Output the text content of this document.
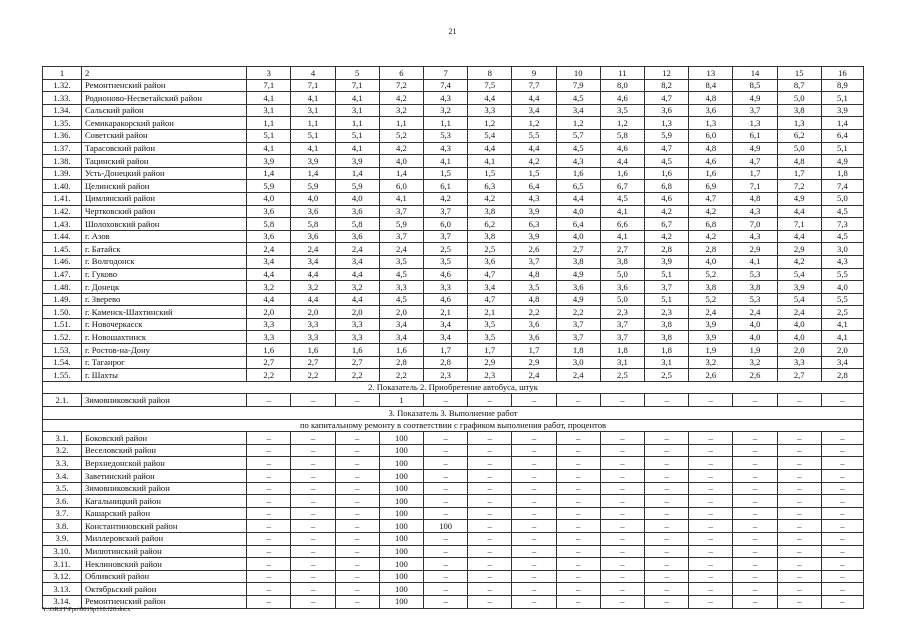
21
1	2	3	4	5	6	7	8	9	10	11	12	13	14	15	16
1.32.	Ремонтненский район	7,1	7,1	7,1	7,2	7,4	7,5	7,7	7,9	8,0	8,2	8,4	8,5	8,7	8,9
1.33.	Родионово-Несветайский район	4,1	4,1	4,1	4,2	4,3	4,4	4,4	4,5	4,6	4,7	4,8	4,9	5,0	5,1
1.34.	Сальский район	3,1	3,1	3,1	3,2	3,2	3,3	3,4	3,4	3,5	3,6	3,6	3,7	3,8	3,9
1.35.	Семикаракорский район	1,1	1,1	1,1	1,1	1,1	1,2	1,2	1,2	1,2	1,3	1,3	1,3	1,3	1,4
1.36.	Советский район	5,1	5,1	5,1	5,2	5,3	5,4	5,5	5,7	5,8	5,9	6,0	6,1	6,2	6,4
1.37.	Тарасовский район	4,1	4,1	4,1	4,2	4,3	4,4	4,4	4,5	4,6	4,7	4,8	4,9	5,0	5,1
1.38.	Тацинский район	3,9	3,9	3,9	4,0	4,1	4,1	4,2	4,3	4,4	4,5	4,6	4,7	4,8	4,9
1.39.	Усть-Донецкий район	1,4	1,4	1,4	1,4	1,5	1,5	1,5	1,6	1,6	1,6	1,6	1,7	1,7	1,8
1.40.	Целинский район	5,9	5,9	5,9	6,0	6,1	6,3	6,4	6,5	6,7	6,8	6,9	7,1	7,2	7,4
1.41.	Цимлянский район	4,0	4,0	4,0	4,1	4,2	4,2	4,3	4,4	4,5	4,6	4,7	4,8	4,9	5,0
1.42.	Чертковский район	3,6	3,6	3,6	3,7	3,7	3,8	3,9	4,0	4,1	4,2	4,2	4,3	4,4	4,5
1.43.	Шолоховский район	5,8	5,8	5,8	5,9	6,0	6,2	6,3	6,4	6,6	6,7	6,8	7,0	7,1	7,3
1.44.	г. Азов	3,6	3,6	3,6	3,7	3,7	3,8	3,9	4,0	4,1	4,2	4,2	4,3	4,4	4,5
1.45.	г. Батайск	2,4	2,4	2,4	2,4	2,5	2,5	2,6	2,7	2,7	2,8	2,8	2,9	2,9	3,0
1.46.	г. Волгодонск	3,4	3,4	3,4	3,5	3,5	3,6	3,7	3,8	3,8	3,9	4,0	4,1	4,2	4,3
1.47.	г. Гуково	4,4	4,4	4,4	4,5	4,6	4,7	4,8	4,9	5,0	5,1	5,2	5,3	5,4	5,5
1.48.	г. Донецк	3,2	3,2	3,2	3,3	3,3	3,4	3,5	3,6	3,6	3,7	3,8	3,8	3,9	4,0
1.49.	г. Зверево	4,4	4,4	4,4	4,5	4,6	4,7	4,8	4,9	5,0	5,1	5,2	5,3	5,4	5,5
1.50.	г. Каменск-Шахтинский	2,0	2,0	2,0	2,0	2,1	2,1	2,2	2,2	2,3	2,3	2,4	2,4	2,4	2,5
1.51.	г. Новочеркасск	3,3	3,3	3,3	3,4	3,4	3,5	3,6	3,7	3,7	3,8	3,9	4,0	4,0	4,1
1.52.	г. Новошахтинск	3,3	3,3	3,3	3,4	3,4	3,5	3,6	3,7	3,7	3,8	3,9	4,0	4,0	4,1
1.53.	г. Ростов-на-Дону	1,6	1,6	1,6	1,6	1,7	1,7	1,7	1,8	1,8	1,8	1,9	1,9	2,0	2,0
1.54.	г. Таганрог	2,7	2,7	2,7	2,8	2,8	2,9	2,9	3,0	3,1	3,1	3,2	3,2	3,3	3,4
1.55.	г. Шахты	2,2	2,2	2,2	2,2	2,3	2,3	2,4	2,4	2,5	2,5	2,6	2,6	2,7	2,8
2. Показатель 2. Приобретение автобуса, штук															
2.1.	Зимовниковский район	–	–	–	1	–	–	–	–	–	–	–	–	–	–
3. Показатель 3. Выполнение работ															
по капитальному ремонту в соответствии с графиком выполнения работ, процентов															
3.1.	Боковский район	–	–	–	100	–	–	–	–	–	–	–	–	–	–
3.2.	Веселовский район	–	–	–	100	–	–	–	–	–	–	–	–	–	–
3.3.	Верхнедонской район	–	–	–	100	–	–	–	–	–	–	–	–	–	–
3.4.	Заветинский район	–	–	–	100	–	–	–	–	–	–	–	–	–	–
3.5.	Зимовниковский район	–	–	–	100	–	–	–	–	–	–	–	–	–	–
3.6.	Кагальницкий район	–	–	–	100	–	–	–	–	–	–	–	–	–	–
3.7.	Кашарский район	–	–	–	100	–	–	–	–	–	–	–	–	–	–
3.8.	Константиновский район	–	–	–	100	100	–	–	–	–	–	–	–	–	–
3.9.	Миллеровский район	–	–	–	100	–	–	–	–	–	–	–	–	–	–
3.10.	Милютинский район	–	–	–	100	–	–	–	–	–	–	–	–	–	–
3.11.	Неклиновский район	–	–	–	100	–	–	–	–	–	–	–	–	–	–
3.12.	Обливский район	–	–	–	100	–	–	–	–	–	–	–	–	–	–
3.13.	Октябрьский район	–	–	–	100	–	–	–	–	–	–	–	–	–	–
3.14.	Ремонтненский район	–	–	–	100	–	–	–	–	–	–	–	–	–	–
Y:\ORST\Ppo\0019p110.f20.docx
